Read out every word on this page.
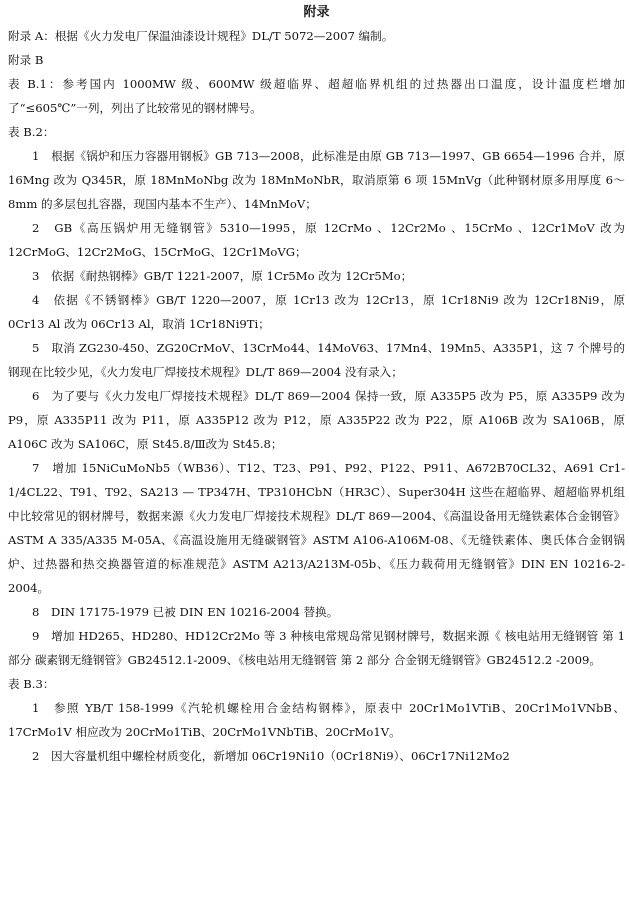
附录

附录 A：根据《火力发电厂保温油漆设计规程》DL/T 5072—2007 编制。

附录 B

表 B.1：参考国内 1000MW 级、600MW 级超临界、超超临界机组的过热器出口温度，设计温度栏增加了“≤605℃”一列，列出了比较常见的钢材牌号。

表 B.2：

1　根据《锅炉和压力容器用钢板》GB 713—2008，此标准是由原 GB 713—1997、GB 6654—1996 合并，原 16Mng 改为 Q345R，原 18MnMoNbg 改为 18MnMoNbR，取消原第 6 项 15MnVg（此种钢材原多用厚度 6～8mm 的多层包扎容器，现国内基本不生产）、14MnMoV；

2　GB《高压锅炉用无缝钢管》5310—1995，原 12CrMo 、12Cr2Mo 、15CrMo 、12Cr1MoV 改为 12CrMoG、12Cr2MoG、15CrMoG、12Cr1MoVG；

3　依据《耐热钢棒》GB/T 1221-2007，原 1Cr5Mo 改为 12Cr5Mo；

4　依据《不锈钢棒》GB/T 1220—2007，原 1Cr13 改为 12Cr13，原 1Cr18Ni9 改为 12Cr18Ni9，原 0Cr13 Al 改为 06Cr13 Al，取消 1Cr18Ni9Ti；

5　取消 ZG230-450、ZG20CrMoV、13CrMo44、14MoV63、17Mn4、19Mn5、A335P1，这 7 个牌号的钢现在比较少见，《火力发电厂焊接技术规程》DL/T 869—2004 没有录入；

6　为了要与《火力发电厂焊接技术规程》DL/T 869—2004 保持一致，原 A335P5 改为 P5，原 A335P9 改为 P9，原 A335P11 改为 P11，原 A335P12 改为 P12，原 A335P22 改为 P22，原 A106B 改为 SA106B，原 A106C 改为 SA106C，原 St45.8/Ⅲ改为 St45.8；

7　增加 15NiCuMoNb5（WB36）、T12、T23、P91、P92、P122、P911、A672B70CL32、A691 Cr1-1/4CL22、T91、T92、SA213 — TP347H、TP310HCbN（HR3C）、Super304H 这些在超临界、超超临界机组中比较常见的钢材牌号，数据来源《火力发电厂焊接技术规程》DL/T 869—2004、《高温设备用无缝铁素体合金钢管》ASTM A 335/A335 M-05A、《高温设施用无缝碳钢管》ASTM A106-A106M-08、《无缝铁素体、奥氏体合金钢锅炉、过热器和热交换器管道的标准规范》ASTM A213/A213M-05b、《压力载荷用无缝钢管》DIN EN 10216-2-2004。

8　DIN 17175-1979 已被 DIN EN 10216-2004 替换。

9　增加 HD265、HD280、HD12Cr2Mo 等 3 种核电常规岛常见钢材牌号，数据来源《 核电站用无缝钢管 第 1 部分 碳素钢无缝钢管》GB24512.1-2009、《核电站用无缝钢管 第 2 部分 合金钢无缝钢管》GB24512.2 -2009。

表 B.3：

1　参照 YB/T 158-1999《汽轮机螺栓用合金结构钢棒》，原表中 20Cr1Mo1VTiB、20Cr1Mo1VNbB、17CrMo1V 相应改为 20CrMo1TiB、20CrMo1VNbTiB、20CrMo1V。

2　因大容量机组中螺栓材质变化，新增加 06Cr19Ni10（0Cr18Ni9）、06Cr17Ni12Mo2
